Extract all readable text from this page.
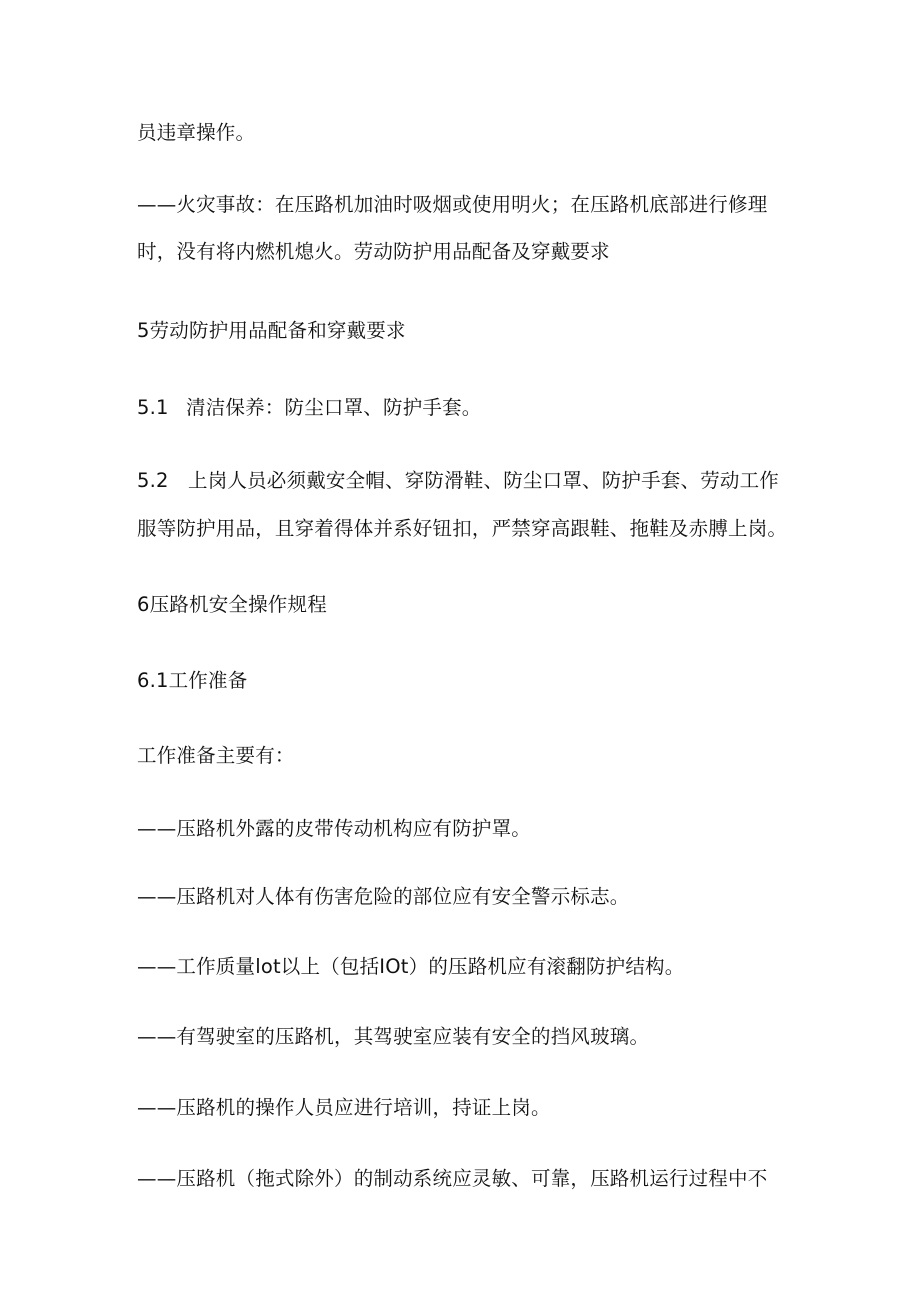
员违章操作。

——火灾事故：在压路机加油时吸烟或使用明火；在压路机底部进行修理

时，没有将内燃机熄火。劳动防护用品配备及穿戴要求

5劳动防护用品配备和穿戴要求

5.1 清洁保养：防尘口罩、防护手套。

5.2 上岗人员必须戴安全帽、穿防滑鞋、防尘口罩、防护手套、劳动工作

服等防护用品，且穿着得体并系好钮扣，严禁穿高跟鞋、拖鞋及赤膊上岗。

6压路机安全操作规程

6.1工作准备

工作准备主要有：

——压路机外露的皮带传动机构应有防护罩。

——压路机对人体有伤害危险的部位应有安全警示标志。

——工作质量lot以上（包括IOt）的压路机应有滚翻防护结构。

——有驾驶室的压路机，其驾驶室应装有安全的挡风玻璃。

——压路机的操作人员应进行培训，持证上岗。

——压路机（拖式除外）的制动系统应灵敏、可靠，压路机运行过程中不
